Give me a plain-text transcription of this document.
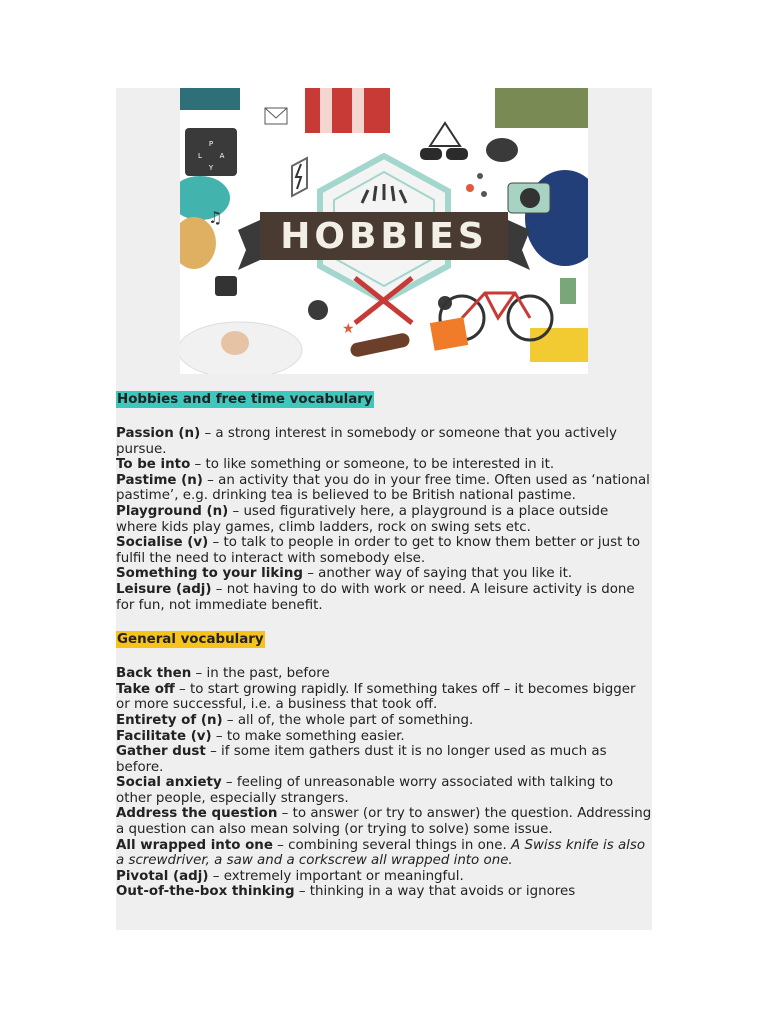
P
L	A
Y
♫
★
HOBBIES
Hobbies and free time vocabulary

Passion (n) – a strong interest in somebody or someone that you actively pursue.

To be into – to like something or someone, to be interested in it.

Pastime (n) – an activity that you do in your free time. Often used as ‘national pastime’, e.g. drinking tea is believed to be British national pastime.

Playground (n) – used figuratively here, a playground is a place outside where kids play games, climb ladders, rock on swing sets etc.

Socialise (v) – to talk to people in order to get to know them better or just to fulfil the need to interact with somebody else.

Something to your liking – another way of saying that you like it.

Leisure (adj) – not having to do with work or need. A leisure activity is done for fun, not immediate benefit.

General vocabulary

Back then – in the past, before

Take off – to start growing rapidly. If something takes off – it becomes bigger or more successful, i.e. a business that took off.

Entirety of (n) – all of, the whole part of something.

Facilitate (v) – to make something easier.

Gather dust – if some item gathers dust it is no longer used as much as before.

Social anxiety – feeling of unreasonable worry associated with talking to other people, especially strangers.

Address the question – to answer (or try to answer) the question. Addressing a question can also mean solving (or trying to solve) some issue.

All wrapped into one – combining several things in one. A Swiss knife is also a screwdriver, a saw and a corkscrew all wrapped into one.

Pivotal (adj) – extremely important or meaningful.

Out-of-the-box thinking – thinking in a way that avoids or ignores
